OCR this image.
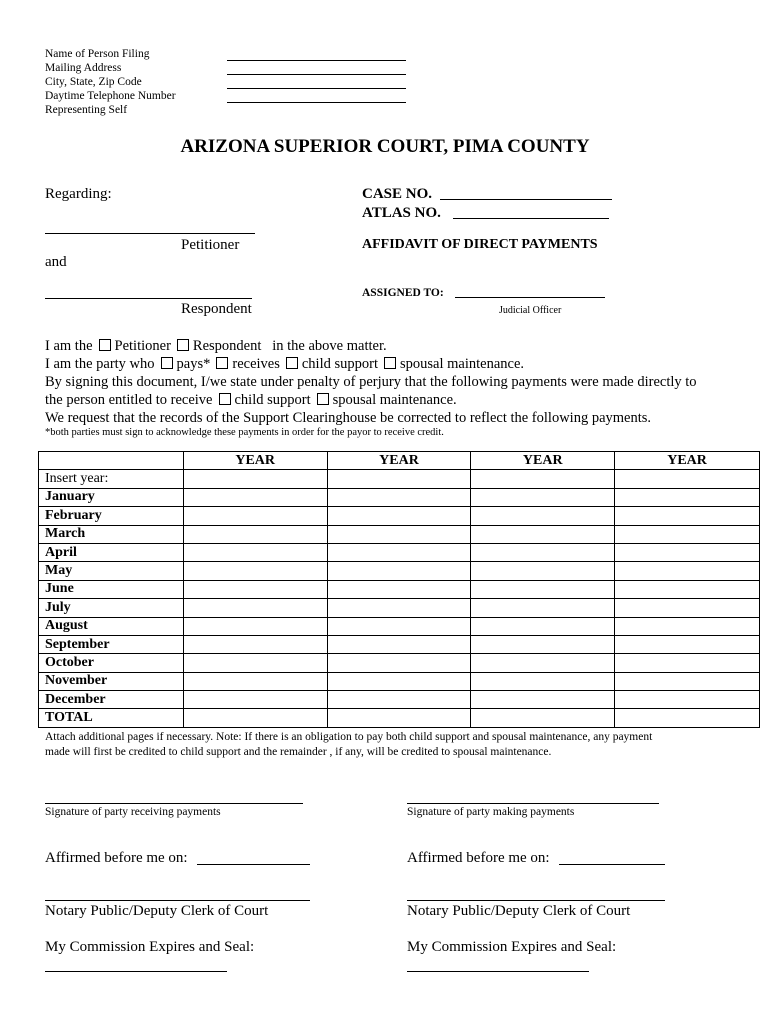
Name of Person Filing
Mailing Address
City, State, Zip Code
Daytime Telephone Number
Representing Self
ARIZONA SUPERIOR COURT, PIMA COUNTY
Regarding:
Petitioner
and
Respondent
CASE NO.
ATLAS NO.
AFFIDAVIT OF DIRECT PAYMENTS
ASSIGNED TO:
Judicial Officer
I am the Petitioner Respondent in the above matter.
I am the party who pays* receives child support spousal maintenance.
By signing this document, I/we state under penalty of perjury that the following payments were made directly to
the person entitled to receive child support spousal maintenance.
We request that the records of the Support Clearinghouse be corrected to reflect the following payments.
*both parties must sign to acknowledge these payments in order for the payor to receive credit.
	YEAR	YEAR	YEAR	YEAR
Insert year:				
January				
February				
March				
April				
May				
June				
July				
August				
September				
October				
November				
December				
TOTAL				
Attach additional pages if necessary. Note: If there is an obligation to pay both child support and spousal maintenance, any payment
made will first be credited to child support and the remainder , if any, will be credited to spousal maintenance.
Signature of party receiving payments	Signature of party making payments
Affirmed before me on:	Affirmed before me on:
Notary Public/Deputy Clerk of Court	Notary Public/Deputy Clerk of Court
My Commission Expires and Seal:	My Commission Expires and Seal:
